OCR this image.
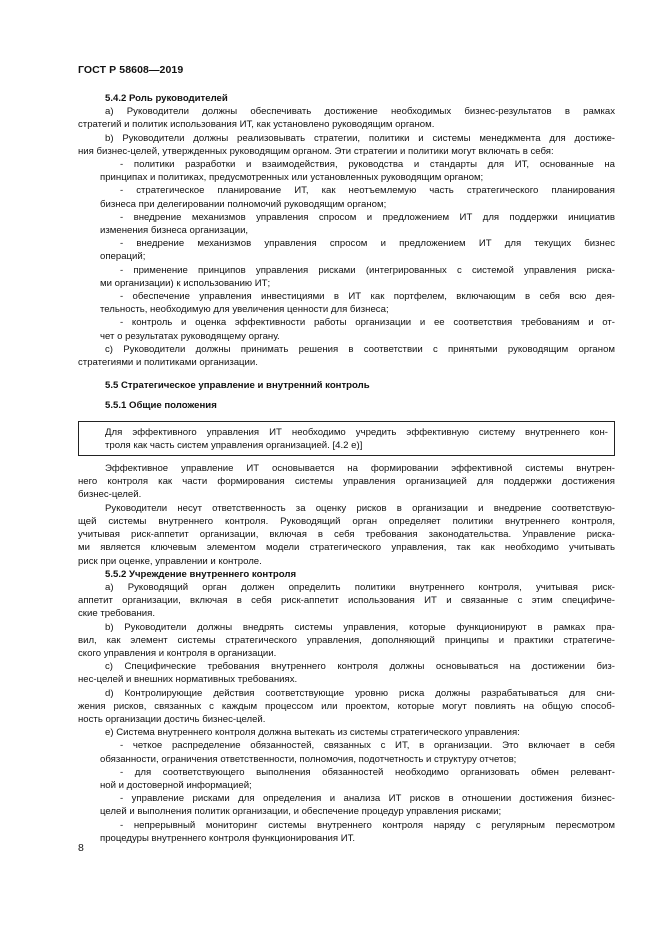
ГОСТ Р 58608—2019

5.4.2 Роль руководителей

a) Руководители должны обеспечивать достижение необходимых бизнес-результатов в рамках

стратегий и политик использования ИТ, как установлено руководящим органом.

b) Руководители должны реализовывать стратегии, политики и системы менеджмента для достиже-

ния бизнес-целей, утвержденных руководящим органом. Эти стратегии и политики могут включать в себя:

- политики разработки и взаимодействия, руководства и стандарты для ИТ, основанные на

принципах и политиках, предусмотренных или установленных руководящим органом;

- стратегическое планирование ИТ, как неотъемлемую часть стратегического планирования

бизнеса при делегировании полномочий руководящим органом;

- внедрение механизмов управления спросом и предложением ИТ для поддержки инициатив

изменения бизнеса организации,

- внедрение механизмов управления спросом и предложением ИТ для текущих бизнес

операций;

- применение принципов управления рисками (интегрированных с системой управления риска-

ми организации) к использованию ИТ;

- обеспечение управления инвестициями в ИТ как портфелем, включающим в себя всю дея-

тельность, необходимую для увеличения ценности для бизнеса;

- контроль и оценка эффективности работы организации и ее соответствия требованиям и от-

чет о результатах руководящему органу.

c) Руководители должны принимать решения в соответствии с принятыми руководящим органом

стратегиями и политиками организации.

5.5 Стратегическое управление и внутренний контроль

5.5.1 Общие положения

Для эффективного управления ИТ необходимо учредить эффективную систему внутреннего кон-

троля как часть систем управления организацией. [4.2 e)]

Эффективное управление ИТ основывается на формировании эффективной системы внутрен-

него контроля как части формирования системы управления организацией для поддержки достижения

бизнес-целей.

Руководители несут ответственность за оценку рисков в организации и внедрение соответствую-

щей системы внутреннего контроля. Руководящий орган определяет политики внутреннего контроля,

учитывая риск-аппетит организации, включая в себя требования законодательства. Управление риска-

ми является ключевым элементом модели стратегического управления, так как необходимо учитывать

риск при оценке, управлении и контроле.

5.5.2 Учреждение внутреннего контроля

a) Руководящий орган должен определить политики внутреннего контроля, учитывая риск-

аппетит организации, включая в себя риск-аппетит использования ИТ и связанные с этим специфиче-

ские требования.

b) Руководители должны внедрять системы управления, которые функционируют в рамках пра-

вил, как элемент системы стратегического управления, дополняющий принципы и практики стратегиче-

ского управления и контроля в организации.

c) Специфические требования внутреннего контроля должны основываться на достижении биз-

нес-целей и внешних нормативных требованиях.

d) Контролирующие действия соответствующие уровню риска должны разрабатываться для сни-

жения рисков, связанных с каждым процессом или проектом, которые могут повлиять на общую способ-

ность организации достичь бизнес-целей.

e) Система внутреннего контроля должна вытекать из системы стратегического управления:

- четкое распределение обязанностей, связанных с ИТ, в организации. Это включает в себя

обязанности, ограничения ответственности, полномочия, подотчетность и структуру отчетов;

- для соответствующего выполнения обязанностей необходимо организовать обмен релевант-

ной и достоверной информацией;

- управление рисками для определения и анализа ИТ рисков в отношении достижения бизнес-

целей и выполнения политик организации, и обеспечение процедур управления рисками;

- непрерывный мониторинг системы внутреннего контроля наряду с регулярным пересмотром

процедуры внутреннего контроля функционирования ИТ.

8
